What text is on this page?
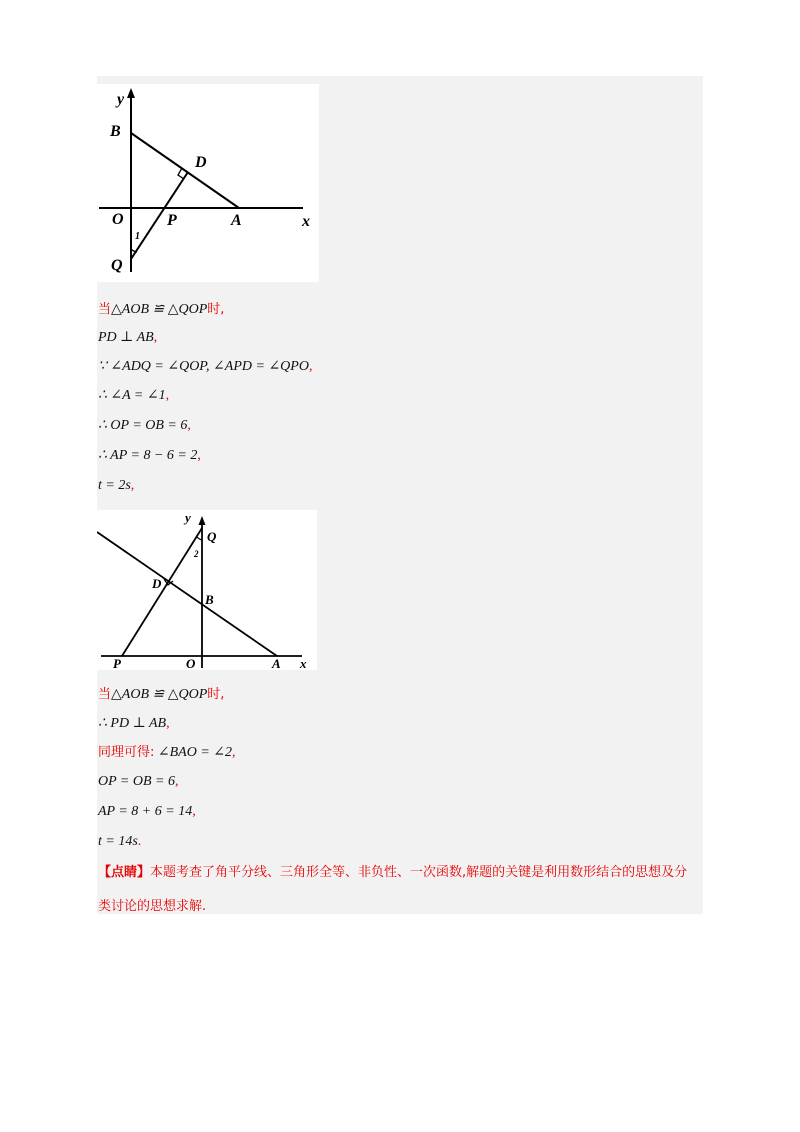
y
B
D
O	P	A	x
1
Q
当△AOB ≌ △QOP时,
PD ⊥ AB,
∵ ∠ADQ = ∠QOP, ∠APD = ∠QPO,
∴ ∠A = ∠1,
∴ OP = OB = 6,
∴ AP = 8 − 6 = 2,
t = 2s,
y
Q
2
D
B
P	O	A x
当△AOB ≌ △QOP时,
∴ PD ⊥ AB,
同理可得: ∠BAO = ∠2,
OP = OB = 6,
AP = 8 + 6 = 14,
t = 14s.
【点睛】本题考查了角平分线、三角形全等、非负性、一次函数,解题的关键是利用数形结合的思想及分类讨论的思想求解.
